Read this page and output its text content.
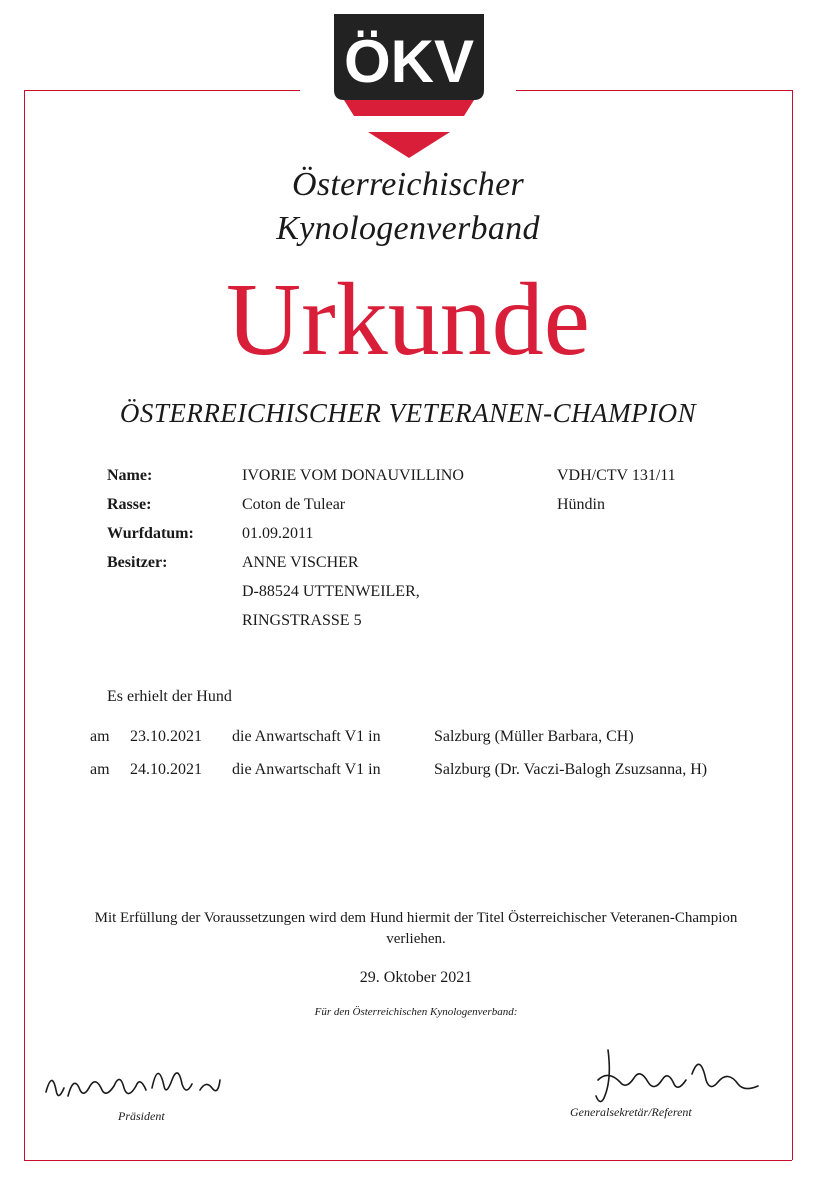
ÖKV
Österreichischer
Kynologenverband
Urkunde
ÖSTERREICHISCHER VETERANEN-CHAMPION
Name:	IVORIE VOM DONAUVILLINO	VDH/CTV 131/11
Rasse:	Coton de Tulear	Hündin
Wurfdatum:	01.09.2011
Besitzer:	ANNE VISCHER
D-88524 UTTENWEILER,
RINGSTRASSE 5
Es erhielt der Hund
am 23.10.2021 die Anwartschaft V1 in	Salzburg (Müller Barbara, CH)
am 24.10.2021 die Anwartschaft V1 in	Salzburg (Dr. Vaczi-Balogh Zsuzsanna, H)
Mit Erfüllung der Voraussetzungen wird dem Hund hiermit der Titel Österreichischer Veteranen-Champion
verliehen.
29. Oktober 2021
Für den Österreichischen Kynologenverband:
Präsident	Generalsekretär/Referent
